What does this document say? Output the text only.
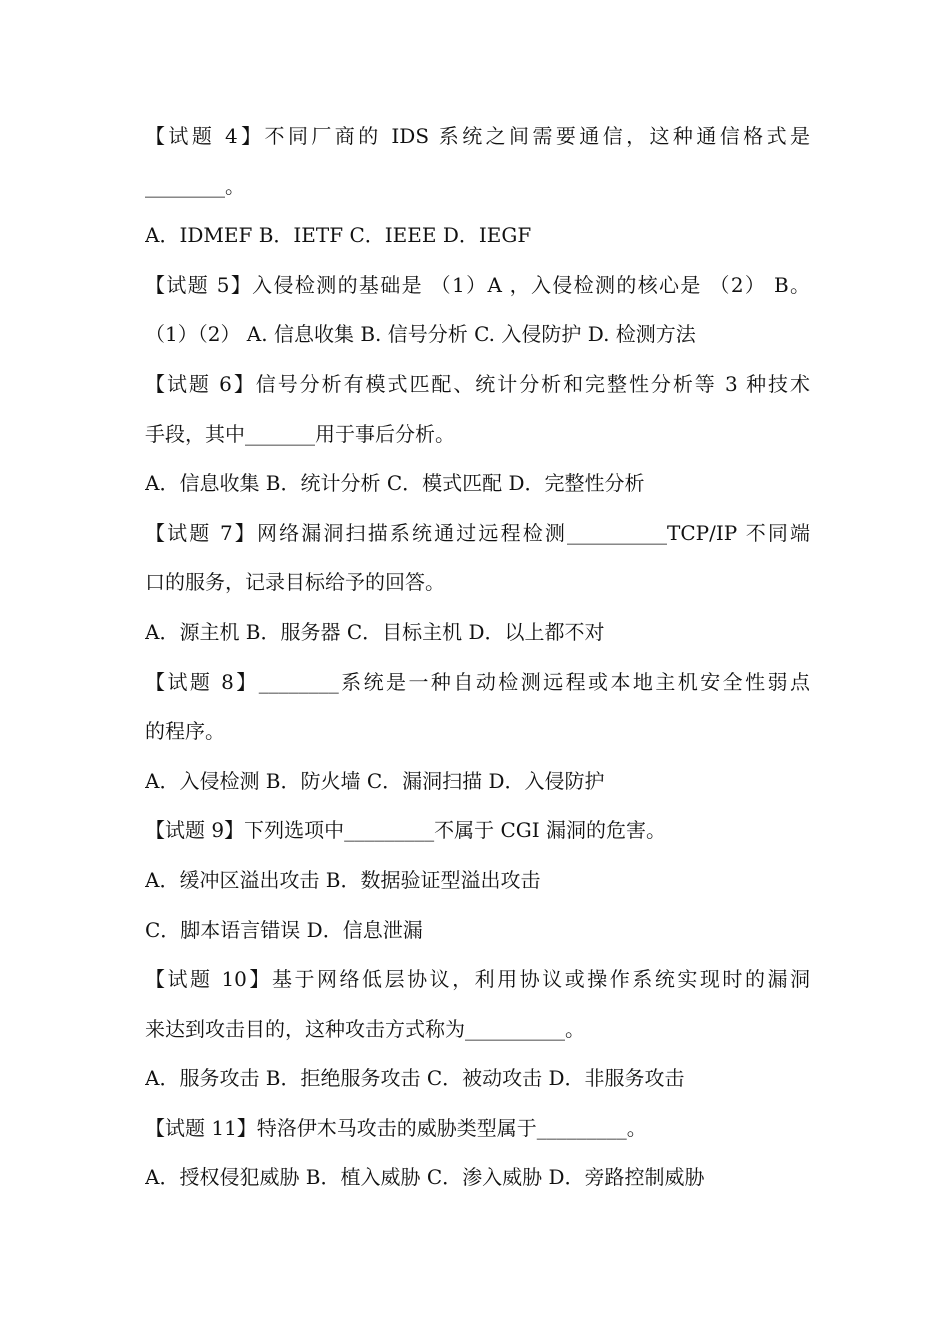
【试题 4】不同厂商的 IDS 系统之间需要通信，这种通信格式是
________。
A．IDMEF B．IETF C．IEEE D．IEGF
【试题 5】入侵检测的基础是 （1）A ，入侵检测的核心是 （2） B。
（1）（2） A. 信息收集 B. 信号分析 C. 入侵防护 D. 检测方法
【试题 6】信号分析有模式匹配、统计分析和完整性分析等 3 种技术
手段，其中_______用于事后分析。
A．信息收集 B．统计分析 C．模式匹配 D．完整性分析
【试题 7】网络漏洞扫描系统通过远程检测__________TCP/IP 不同端
口的服务，记录目标给予的回答。
A．源主机 B．服务器 C．目标主机 D．以上都不对
【试题 8】________系统是一种自动检测远程或本地主机安全性弱点
的程序。
A．入侵检测 B．防火墙 C．漏洞扫描 D．入侵防护
【试题 9】下列选项中_________不属于 CGI 漏洞的危害。
A．缓冲区溢出攻击 B．数据验证型溢出攻击
C．脚本语言错误 D．信息泄漏
【试题 10】基于网络低层协议，利用协议或操作系统实现时的漏洞
来达到攻击目的，这种攻击方式称为__________。
A．服务攻击 B．拒绝服务攻击 C．被动攻击 D．非服务攻击
【试题 11】特洛伊木马攻击的威胁类型属于_________。
A．授权侵犯威胁 B．植入威胁 C．渗入威胁 D．旁路控制威胁
